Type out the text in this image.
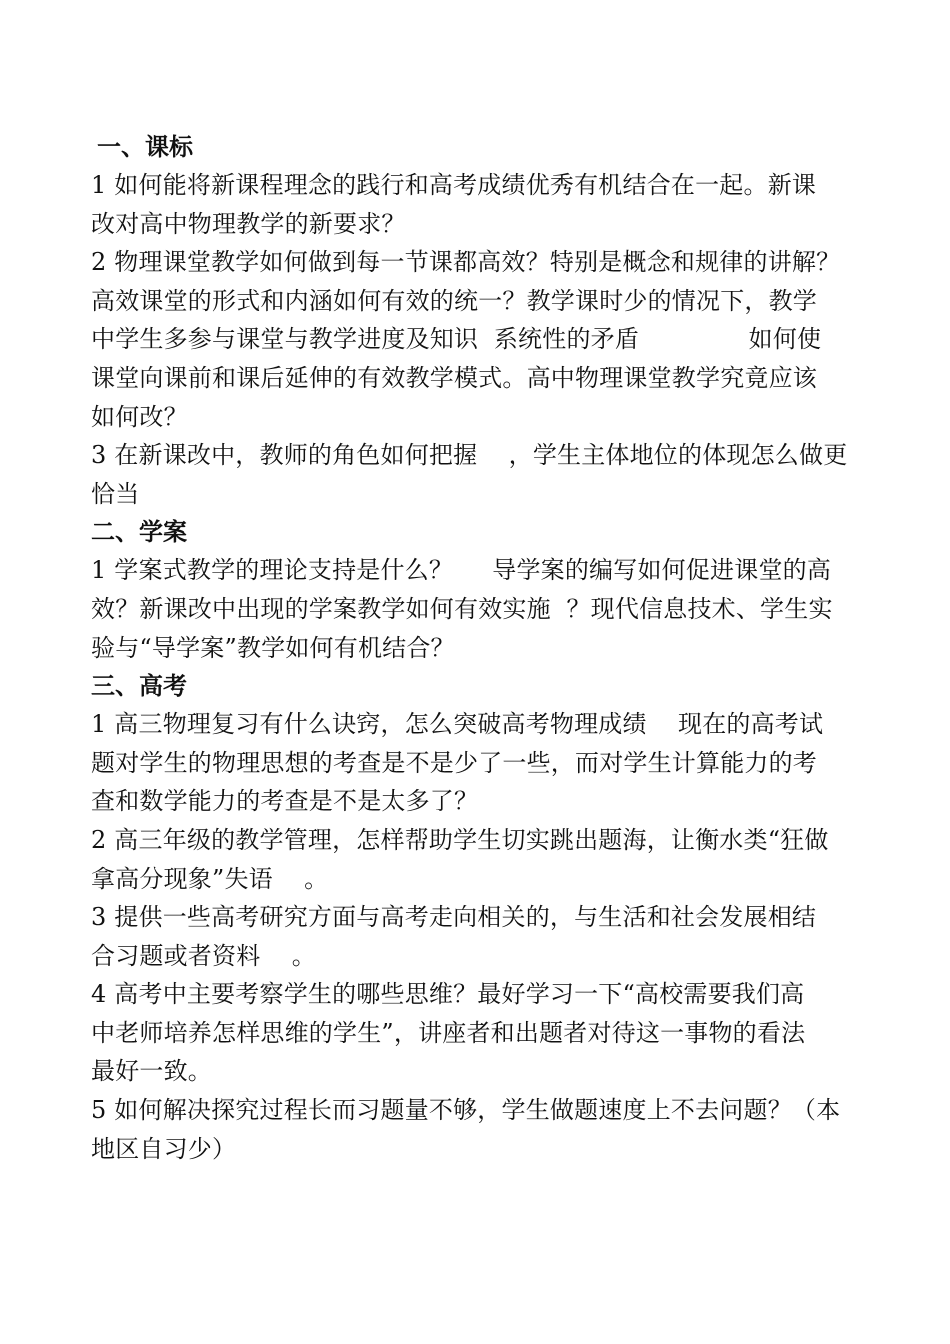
一、课标
1 如何能将新课程理念的践行和高考成绩优秀有机结合在一起。新课
改对高中物理教学的新要求？
2 物理课堂教学如何做到每一节课都高效？特别是概念和规律的讲解？
高效课堂的形式和内涵如何有效的统一？教学课时少的情况下，教学
中学生多参与课堂与教学进度及知识  系统性的矛盾              如何使
课堂向课前和课后延伸的有效教学模式。高中物理课堂教学究竟应该
如何改？
3 在新课改中，教师的角色如何把握    ，学生主体地位的体现怎么做更
恰当
二、学案
1 学案式教学的理论支持是什么？     导学案的编写如何促进课堂的高
效？新课改中出现的学案教学如何有效实施  ？现代信息技术、学生实
验与“导学案”教学如何有机结合？
三、高考
1 高三物理复习有什么诀窍，怎么突破高考物理成绩    现在的高考试
题对学生的物理思想的考查是不是少了一些，而对学生计算能力的考
查和数学能力的考查是不是太多了？
2 高三年级的教学管理，怎样帮助学生切实跳出题海，让衡水类“狂做
拿高分现象”失语    。
3 提供一些高考研究方面与高考走向相关的，与生活和社会发展相结
合习题或者资料    。
4 高考中主要考察学生的哪些思维？最好学习一下“高校需要我们高
中老师培养怎样思维的学生”，讲座者和出题者对待这一事物的看法
最好一致。
5 如何解决探究过程长而习题量不够，学生做题速度上不去问题？（本
地区自习少）
